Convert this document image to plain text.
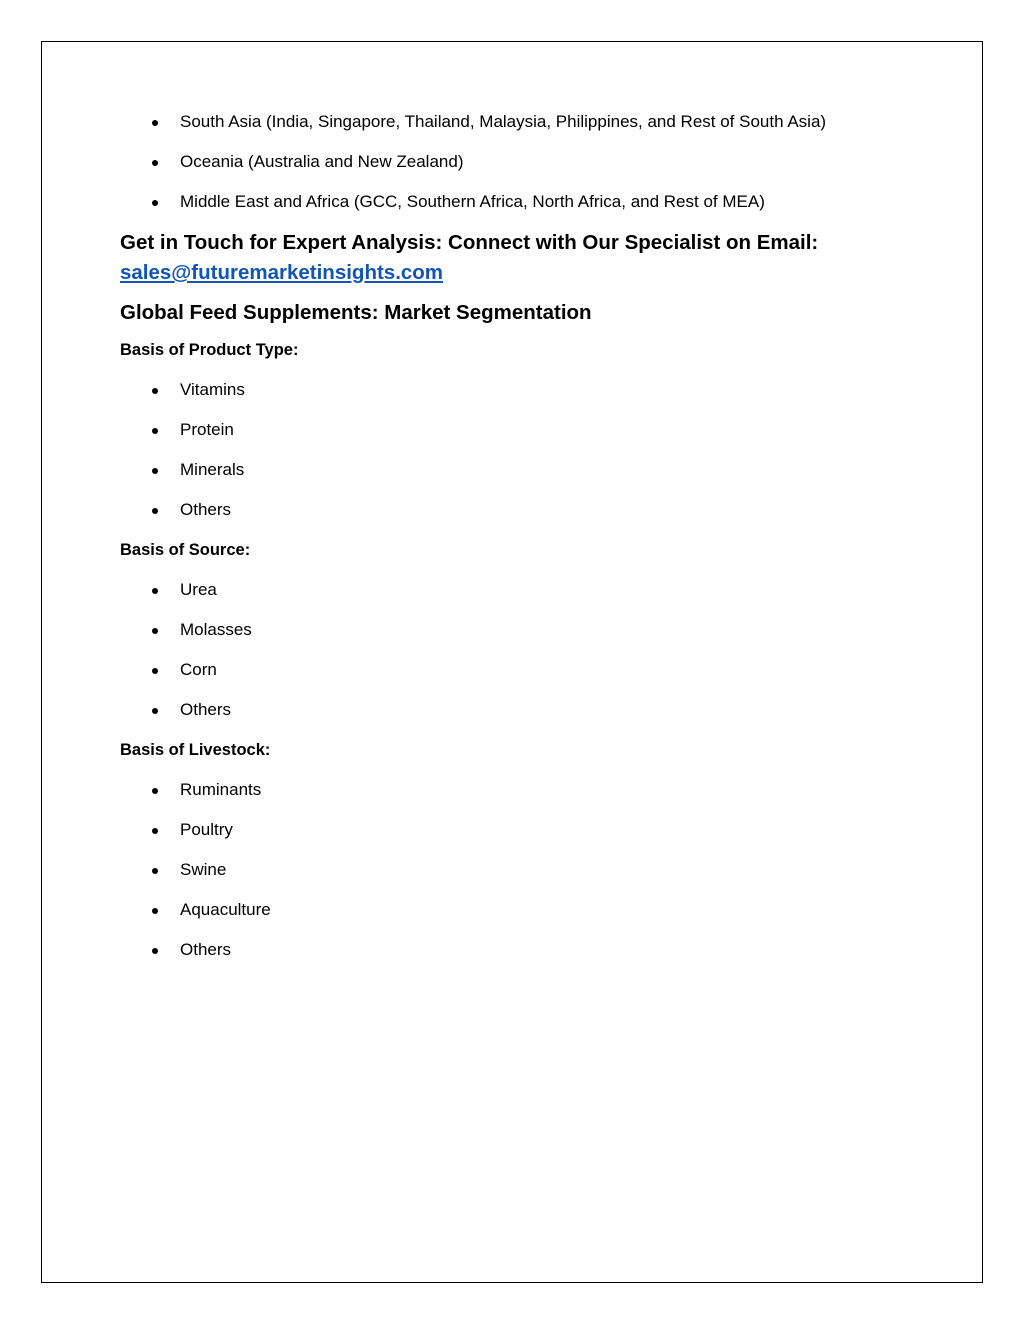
South Asia (India, Singapore, Thailand, Malaysia, Philippines, and Rest of South Asia)
Oceania (Australia and New Zealand)
Middle East and Africa (GCC, Southern Africa, North Africa, and Rest of MEA)

Get in Touch for Expert Analysis: Connect with Our Specialist on Email:
sales@futuremarketinsights.com

Global Feed Supplements: Market Segmentation
Basis of Product Type:
Vitamins
Protein
Minerals
Others
Basis of Source:
Urea
Molasses
Corn
Others
Basis of Livestock:
Ruminants
Poultry
Swine
Aquaculture
Others
